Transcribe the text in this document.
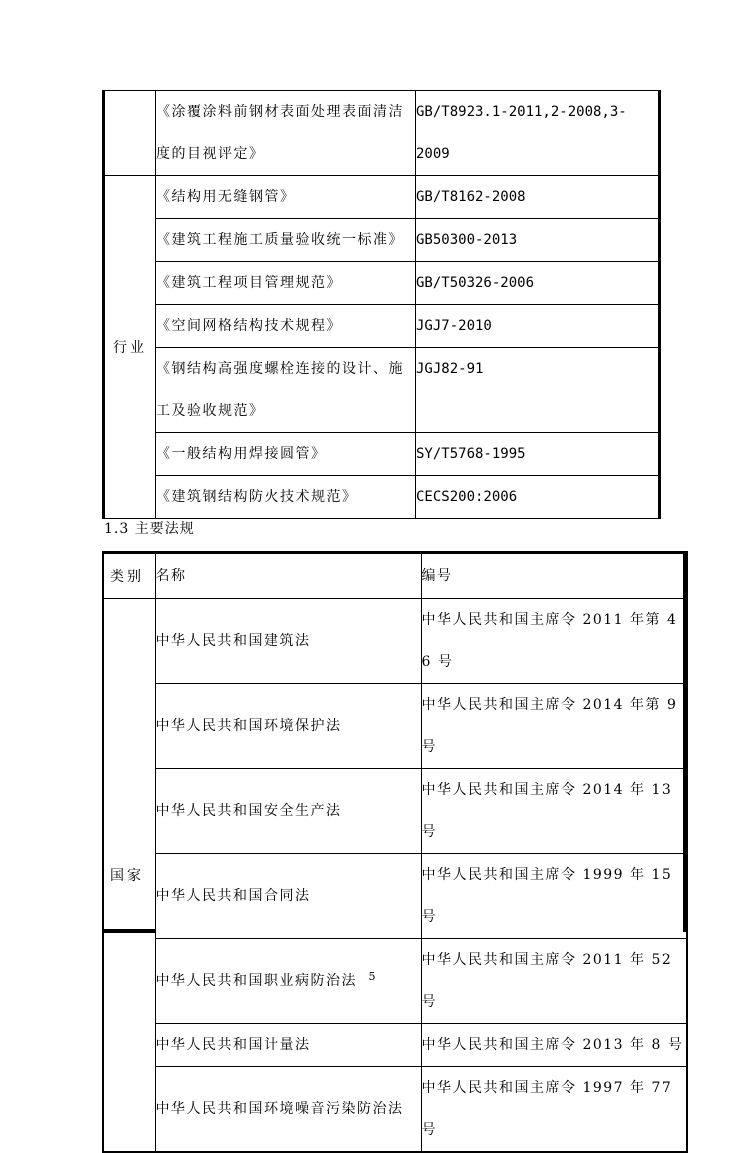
	《涂覆涂料前钢材表面处理表面清洁度的目视评定》	GB/T8923.1-2011,2-2008,3-2009
行业	《结构用无缝钢管》	GB/T8162-2008
	《建筑工程施工质量验收统一标准》	GB50300-2013
	《建筑工程项目管理规范》	GB/T50326-2006
	《空间网格结构技术规程》	JGJ7-2010
	《钢结构高强度螺栓连接的设计、施工及验收规范》	JGJ82-91
	《一般结构用焊接圆管》	SY/T5768-1995
	《建筑钢结构防火技术规范》	CECS200:2006
1.3 主要法规
类别	名称	编号
国家	中华人民共和国建筑法	中华人民共和国主席令 2011 年第 46 号
	中华人民共和国环境保护法	中华人民共和国主席令 2014 年第 9 号
	中华人民共和国安全生产法	中华人民共和国主席令 2014 年 13 号
	中华人民共和国合同法	中华人民共和国主席令 1999 年 15 号
	中华人民共和国职业病防治法	中华人民共和国主席令 2011 年 52 号
	中华人民共和国计量法	中华人民共和国主席令 2013 年 8 号
	中华人民共和国环境噪音污染防治法	中华人民共和国主席令 1997 年 77 号
5
